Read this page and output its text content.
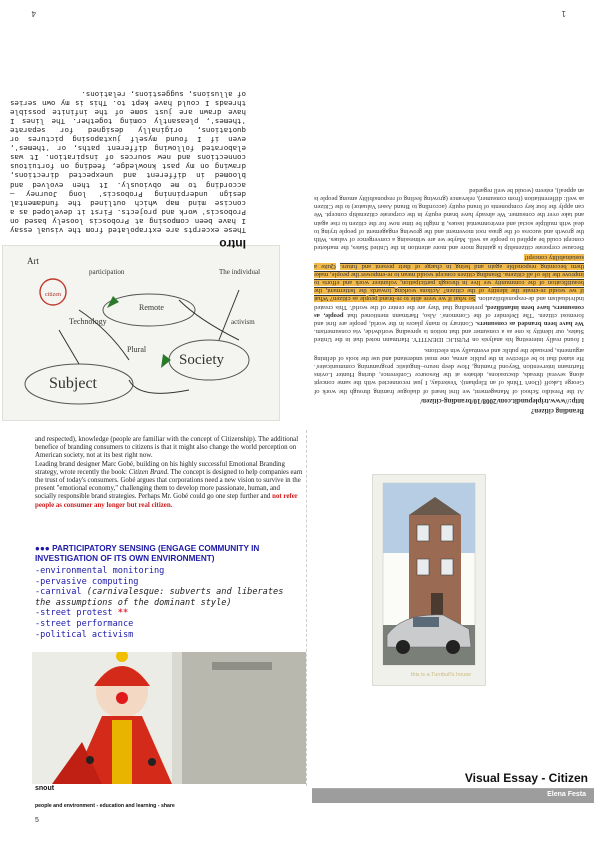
1
4
Subject
Society
Technology
Remote
Plural
Art
citizen
activism
The individual
participation
Intro

These excerpts are extrapolated from the visual essay I have been composing at Proboscis loosely based on Proboscis' work and projects. First it developed as a concise mind map which outlined the fundamental design underpinning Proboscis' long Journey – according to me obviously. It then evolved and bloomed in different and unexpected directions, drawing on my past knowledge, feeding on fortuitous connections and new sources of inspiration. It was elaborated following different paths, or 'themes', even if I found myself juxtaposing pictures or quotations, originally designed for separate 'themes', pleasantly coming together. The lines I have drawn are just some of the infinite possible threads I could have kept to. This is my own series of allusions, suggestions, relations.

Branding citizen?

http://www.triplepundit.com/2008/10/branding-citizen/

At the Presidio School of Management, we first heard of dialogue framing through the work of George Lakoff (Don't Think of an Elephant). Yesterday, I just reconnected with the same concept along several threads, discussions, debates at the Resource Conference, during Hunter Lovins Hartmann intervention 'Beyond Framing, How deep neuro–linguistic programming communicates'. He stated that to be effective in the public arena, one must understand and use the tools of defining arguments, persuade the public and eventually win elections.

I found really interesting his analysis on PUBLIC IDENTITY. Hartmann noted that in the United States, our identity is one as a consumer and that notion is spreading worldwide, via consumerism. We have been branded as consumers. Contrary to many places in the world, people are first and foremost citizen. 'The Defender of the Commons'. Also, Hartmann mentioned that people, as consumers, have been infantilized, pretending that 'they are the center of the world'. This created individualism and de-responsibilization. So what if we were able to re-brand people as citizen? What if we would re-create the identity of the citizen? Actions working towards the betterment, the beautification of the community we live in through participation, volunteer work and efforts to improve the life of all citizens. Branding citizen concept would mean to re-empower the people, make them becoming responsible again and being in charge of their present and future. Quite a sustainability concept!

Because corporate citizenship is gaining more and more attention in the United States, the marketed concept could be applied to people as well. Maybe we are witnessing a convergence of values. With the growth and success of the grass root movement and the growing engagement of people trying to deal with multiple social and environmental issues, it might be time now for the citizen to rise again and take over the consumer. We already have brand equity in the corporate citizenship concept. We can apply the four key components of brand equity (according to Brand Asset Valuator) to the Citizen as well: differentiation (from consumer), relevance (growing feeling of responsibility among people is an appeal), esteem (would be well regarded

and respected), knowledge (people are familiar with the concept of Citizenship). The additional benefice of branding consumers to citizens is that it might also change the world perception on American society, not at its best right now.

Leading brand designer Marc Gobé, building on his highly successful Emotional Branding strategy, wrote recently the book: Citizen Brand. The concept is designed to help companies earn the trust of today's consumers. Gobé argues that corporations need a new vision to survive in the present "emotional economy," challenging them to develop more passionate, human, and socially responsible brand strategies. Perhaps Mr. Gobé could go one step further and not refer people as consumer any longer but real citizen.

●●● PARTICIPATORY SENSING (ENGAGE COMMUNITY IN INVESTIGATION OF ITS OWN ENVIRONMENT)
-environmental monitoring
-pervasive computing
-carnival (carnivalesque: subverts and liberates the assumptions of the dominant style)
-street protest **
-street performance
-political activism
snout
people and environment - education and learning - share
5
this is a Turnbull's house
Visual Essay - Citizen
Elena Festa
